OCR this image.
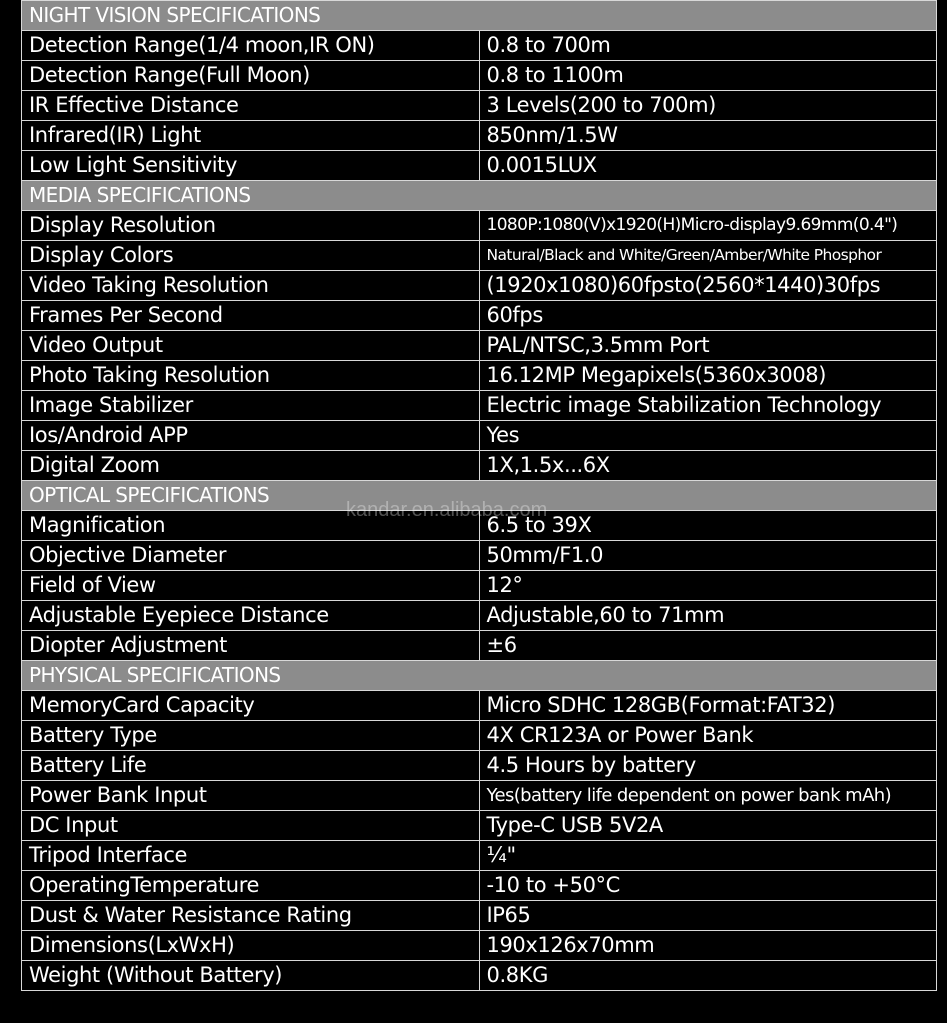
NIGHT VISION SPECIFICATIONS	
Detection Range(1/4 moon,IR ON)	0.8 to 700m
Detection Range(Full Moon)	0.8 to 1100m
IR Effective Distance	3 Levels(200 to 700m)
Infrared(IR) Light	850nm/1.5W
Low Light Sensitivity	0.0015LUX
MEDIA SPECIFICATIONS	
Display Resolution	1080P:1080(V)x1920(H)Micro-display9.69mm(0.4")
Display Colors	Natural/Black and White/Green/Amber/White Phosphor
Video Taking Resolution	(1920x1080)60fpsto(2560*1440)30fps
Frames Per Second	60fps
Video Output	PAL/NTSC,3.5mm Port
Photo Taking Resolution	16.12MP Megapixels(5360x3008)
Image Stabilizer	Electric image Stabilization Technology
Ios/Android APP	Yes
Digital Zoom	1X,1.5x...6X
OPTICAL SPECIFICATIONS	
Magnification	6.5 to 39X
Objective Diameter	50mm/F1.0
Field of View	12°
Adjustable Eyepiece Distance	Adjustable,60 to 71mm
Diopter Adjustment	±6
PHYSICAL SPECIFICATIONS	
MemoryCard Capacity	Micro SDHC 128GB(Format:FAT32)
Battery Type	4X CR123A or Power Bank
Battery Life	4.5 Hours by battery
Power Bank Input	Yes(battery life dependent on power bank mAh)
DC Input	Type-C USB 5V2A
Tripod Interface	¼"
OperatingTemperature	-10 to +50°C
Dust & Water Resistance Rating	IP65
Dimensions(LxWxH)	190x126x70mm
Weight (Without Battery)	0.8KG
kandar.en.alibaba.com
